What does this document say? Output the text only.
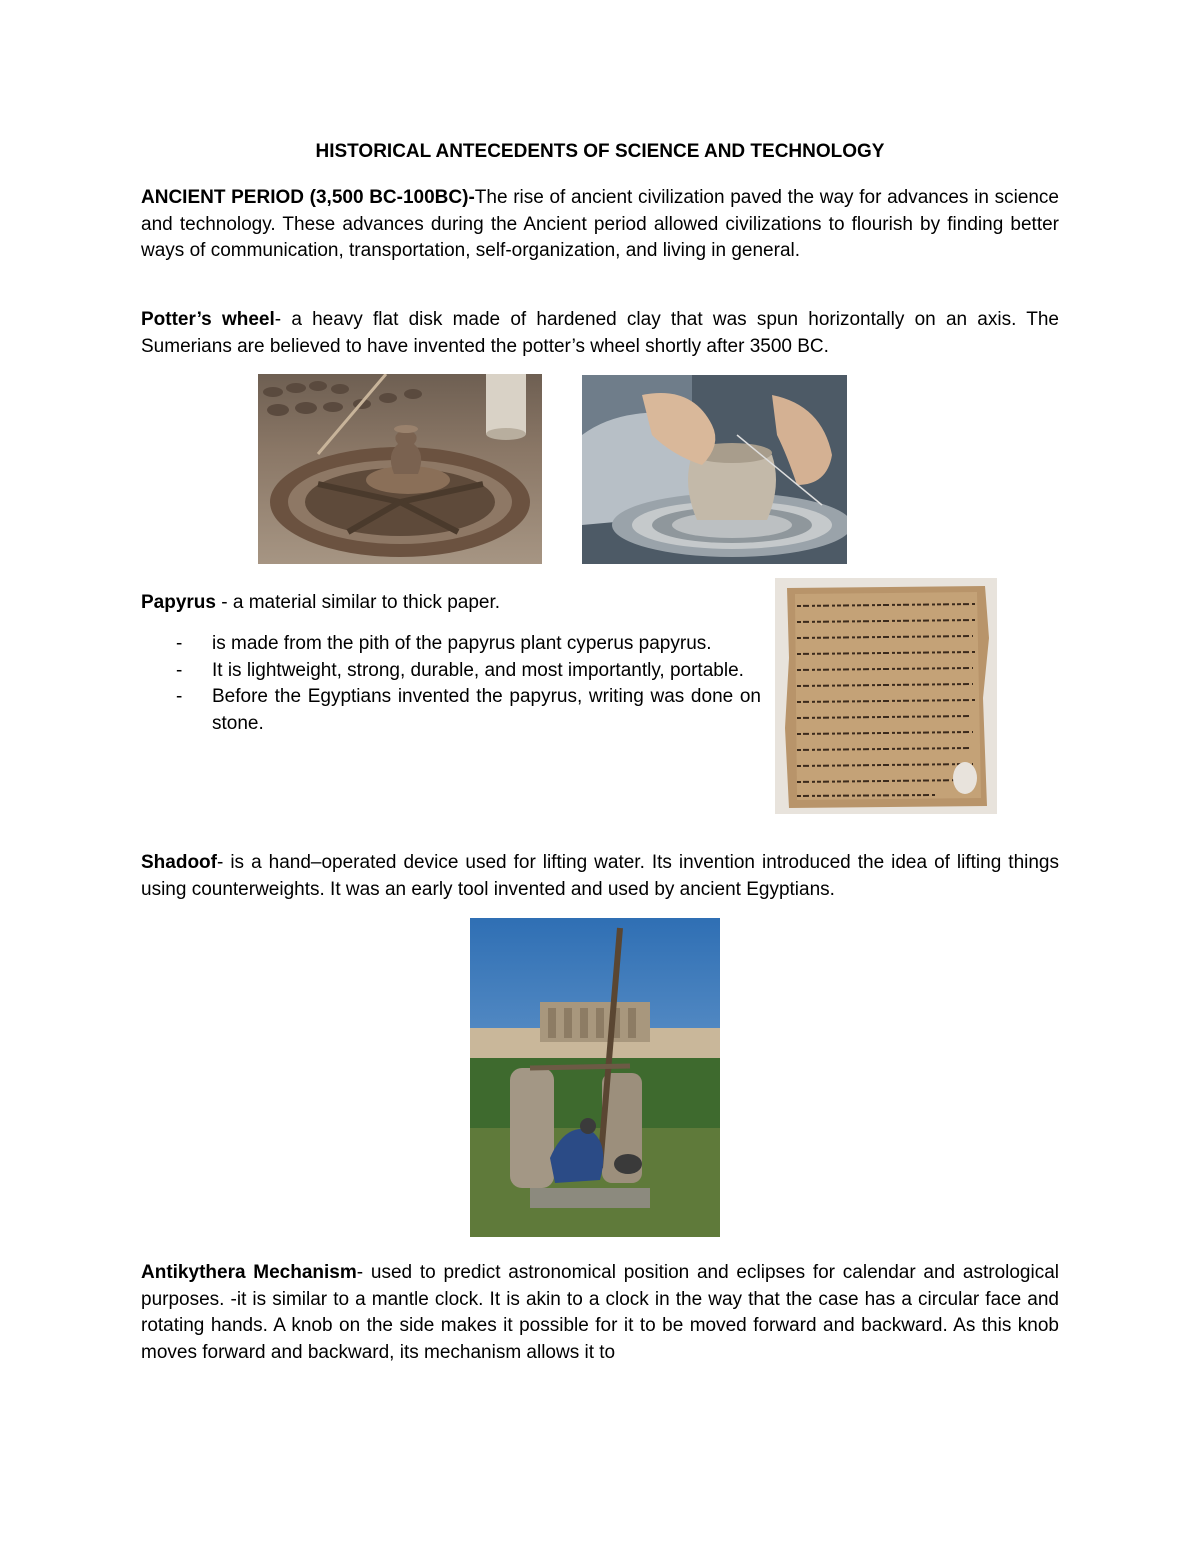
HISTORICAL ANTECEDENTS OF SCIENCE AND TECHNOLOGY
ANCIENT PERIOD (3,500 BC-100BC)-The rise of ancient civilization paved the way for advances in science and technology. These advances during the Ancient period allowed civilizations to flourish by finding better ways of communication, transportation, self-organization, and living in general.
Potter’s wheel- a heavy flat disk made of hardened clay that was spun horizontally on an axis. The Sumerians are believed to have invented the potter’s wheel shortly after 3500 BC.
Papyrus - a material similar to thick paper.
- is made from the pith of the papyrus plant cyperus papyrus.
- It is lightweight, strong, durable, and most importantly, portable.
- Before the Egyptians invented the papyrus, writing was done on stone.
Shadoof- is a hand–operated device used for lifting water. Its invention introduced the idea of lifting things using counterweights. It was an early tool invented and used by ancient Egyptians.
Antikythera Mechanism- used to predict astronomical position and eclipses for calendar and astrological purposes. -it is similar to a mantle clock. It is akin to a clock in the way that the case has a circular face and rotating hands. A knob on the side makes it possible for it to be moved forward and backward. As this knob moves forward and backward, its mechanism allows it to
